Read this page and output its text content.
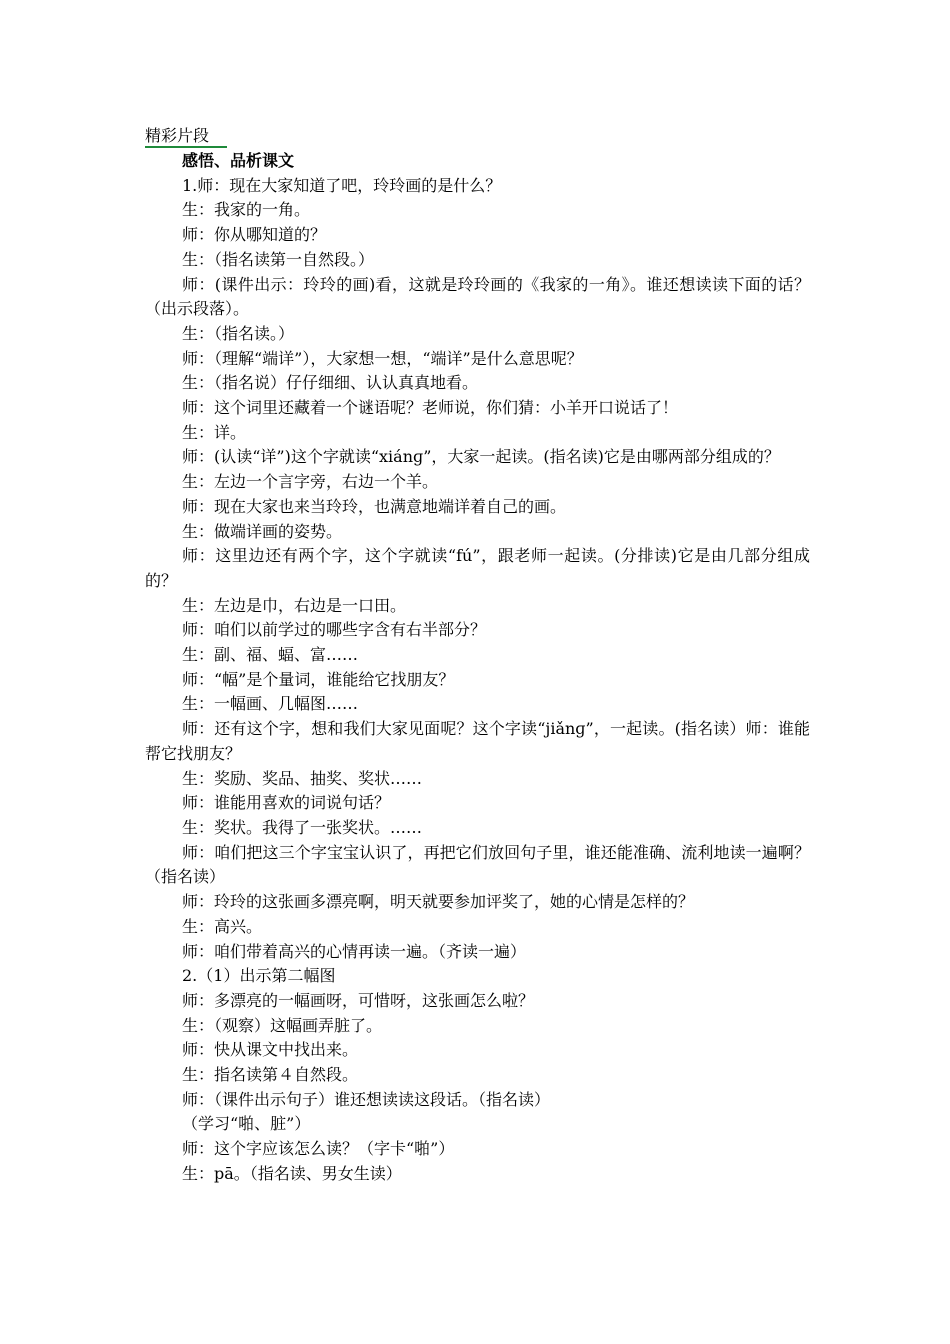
精彩片段

感悟、品析课文

1.师：现在大家知道了吧，玲玲画的是什么？

生：我家的一角。

师：你从哪知道的？

生：（指名读第一自然段。）

师：(课件出示：玲玲的画)看，这就是玲玲画的《我家的一角》。谁还想读读下面的话？（出示段落）。

生：（指名读。）

师：（理解“端详”），大家想一想，“端详”是什么意思呢？

生：（指名说）仔仔细细、认认真真地看。

师：这个词里还藏着一个谜语呢？老师说，你们猜：小羊开口说话了！

生：详。

师：(认读“详”)这个字就读“xiánɡ”，大家一起读。(指名读)它是由哪两部分组成的？

生：左边一个言字旁，右边一个羊。

师：现在大家也来当玲玲，也满意地端详着自己的画。

生：做端详画的姿势。

师：这里边还有两个字，这个字就读“fú”，跟老师一起读。(分排读)它是由几部分组成的？

生：左边是巾，右边是一口田。

师：咱们以前学过的哪些字含有右半部分？

生：副、福、蝠、富……

师：“幅”是个量词，谁能给它找朋友？

生：一幅画、几幅图……

师：还有这个字，想和我们大家见面呢？这个字读“jiǎnɡ”，一起读。(指名读）师：谁能帮它找朋友？

生：奖励、奖品、抽奖、奖状……

师：谁能用喜欢的词说句话？

生：奖状。我得了一张奖状。……

师：咱们把这三个字宝宝认识了，再把它们放回句子里，谁还能准确、流利地读一遍啊？（指名读）

师：玲玲的这张画多漂亮啊，明天就要参加评奖了，她的心情是怎样的？

生：高兴。

师：咱们带着高兴的心情再读一遍。（齐读一遍）

2.（1）出示第二幅图

师：多漂亮的一幅画呀，可惜呀，这张画怎么啦？

生：（观察）这幅画弄脏了。

师：快从课文中找出来。

生：指名读第４自然段。

师：（课件出示句子）谁还想读读这段话。（指名读）

（学习“啪、脏”）

师：这个字应该怎么读？（字卡“啪”）

生：pā。（指名读、男女生读）
